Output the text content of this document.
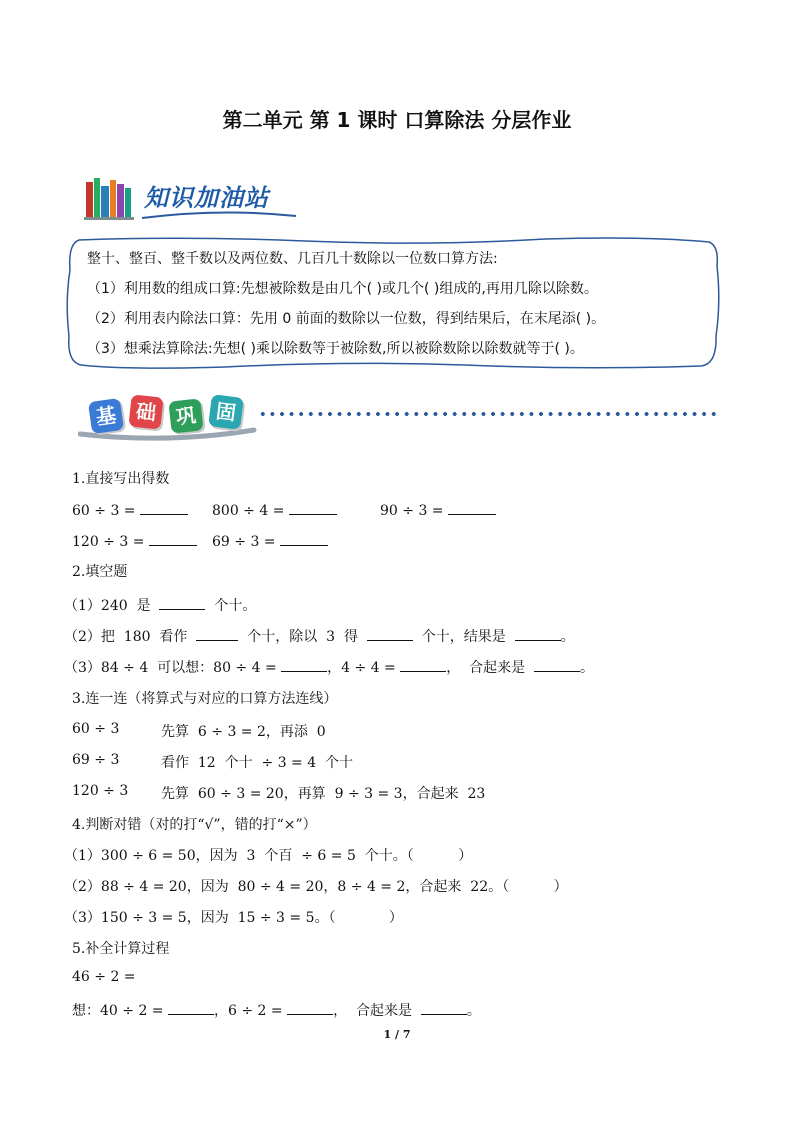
第二单元 第 1 课时 口算除法 分层作业
知识加油站
整十、整百、整千数以及两位数、几百几十数除以一位数口算方法:
（1）利用数的组成口算:先想被除数是由几个( )或几个( )组成的,再用几除以除数。
（2）利用表内除法口算：先用 0 前面的数除以一位数，得到结果后，在末尾添( )。
（3）想乘法算除法:先想( )乘以除数等于被除数,所以被除数除以除数就等于( )。
基 础 巩 固
1.直接写出得数
60 ÷ 3 =	800 ÷ 4 =	90 ÷ 3 =
120 ÷ 3 =	69 ÷ 3 =
2.填空题
（1）240  是	个十。
（2）把  180  看作	个十，除以  3  得	个十，结果是	。
（3）84 ÷ 4  可以想：80 ÷ 4 =	，4 ÷ 4 =	，  合起来是	。
3.连一连（将算式与对应的口算方法连线）
60 ÷ 3	先算  6 ÷ 3 = 2，再添  0
69 ÷ 3	看作  12  个十  ÷ 3 = 4  个十
120 ÷ 3 先算  60 ÷ 3 = 20，再算  9 ÷ 3 = 3，合起来  23
4.判断对错（对的打“√”，错的打“×”）
（1）300 ÷ 6 = 50，因为  3  个百  ÷ 6 = 5  个十。（          ）
（2）88 ÷ 4 = 20，因为  80 ÷ 4 = 20，8 ÷ 4 = 2，合起来  22。（          ）
（3）150 ÷ 3 = 5，因为  15 ÷ 3 = 5。（            ）
5.补全计算过程
46 ÷ 2 =
想：40 ÷ 2 =	，6 ÷ 2 =	，  合起来是	。
1 / 7
